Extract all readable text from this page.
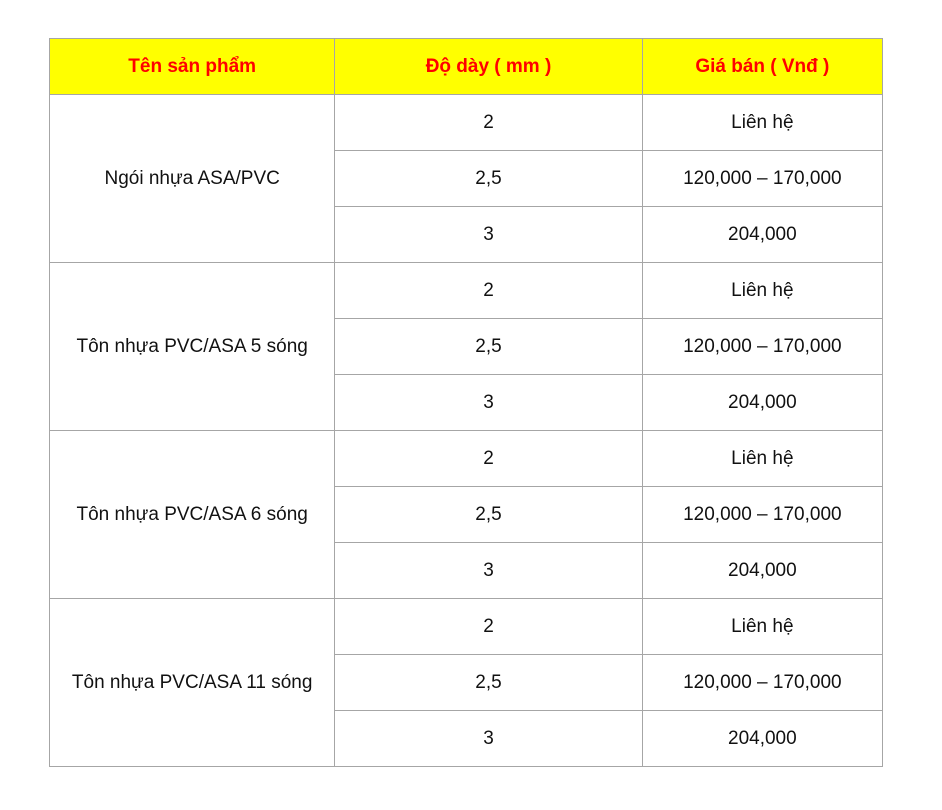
Tên sản phẩm	Độ dày ( mm )	Giá bán ( Vnđ )
Ngói nhựa ASA/PVC	2	Liên hệ
	2,5	120,000 – 170,000
	3	204,000
Tôn nhựa PVC/ASA 5 sóng	2	Liên hệ
	2,5	120,000 – 170,000
	3	204,000
Tôn nhựa PVC/ASA 6 sóng	2	Liên hệ
	2,5	120,000 – 170,000
	3	204,000
Tôn nhựa PVC/ASA 11 sóng	2	Liên hệ
	2,5	120,000 – 170,000
	3	204,000
